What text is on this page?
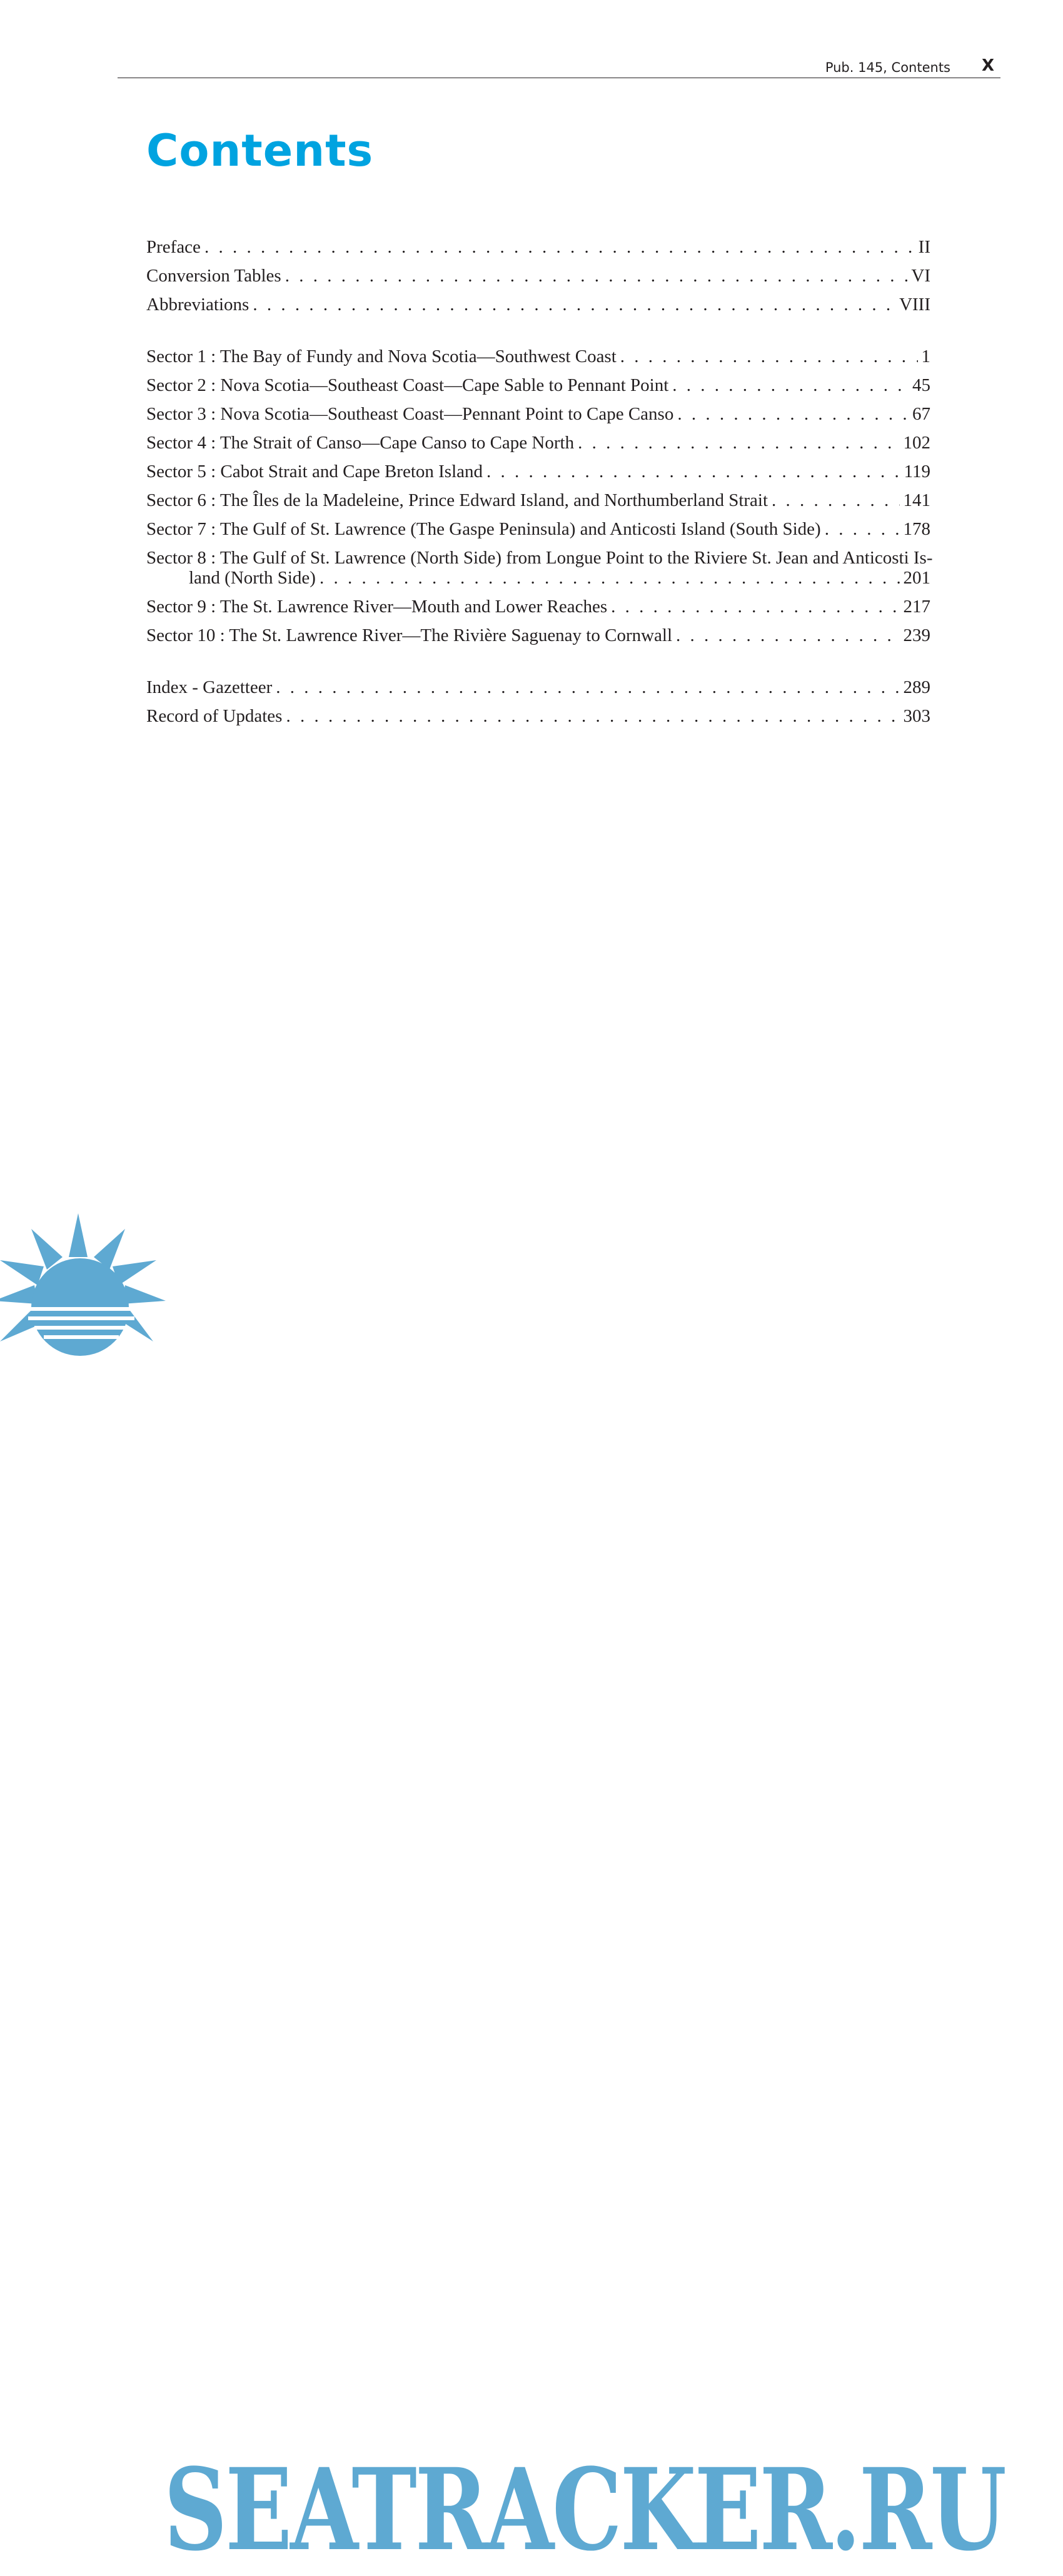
Pub. 145, Contents X
Contents
Preface . . .	II
Conversion Tables . . .	VI
Abbreviations . . .	VIII
Sector 1 : The Bay of Fundy and Nova Scotia—Southwest Coast . . .	1
Sector 2 : Nova Scotia—Southeast Coast—Cape Sable to Pennant Point . . .	45
Sector 3 : Nova Scotia—Southeast Coast—Pennant Point to Cape Canso . . .	67
Sector 4 : The Strait of Canso—Cape Canso to Cape North . . .	102
Sector 5 : Cabot Strait and Cape Breton Island . . .	119
Sector 6 : The Îles de la Madeleine, Prince Edward Island, and Northumberland Strait . . .	141
Sector 7 : The Gulf of St. Lawrence (The Gaspe Peninsula) and Anticosti Island (South Side) . . .	178
Sector 8 : The Gulf of St. Lawrence (North Side) from Longue Point to the Riviere St. Jean and Anticosti Is-
land (North Side) . . .	201
Sector 9 : The St. Lawrence River—Mouth and Lower Reaches . . .	217
Sector 10 : The St. Lawrence River—The Rivière Saguenay to Cornwall . . .	239
Index - Gazetteer . . .	289
Record of Updates . . .	303
SEATRACKER.RU
